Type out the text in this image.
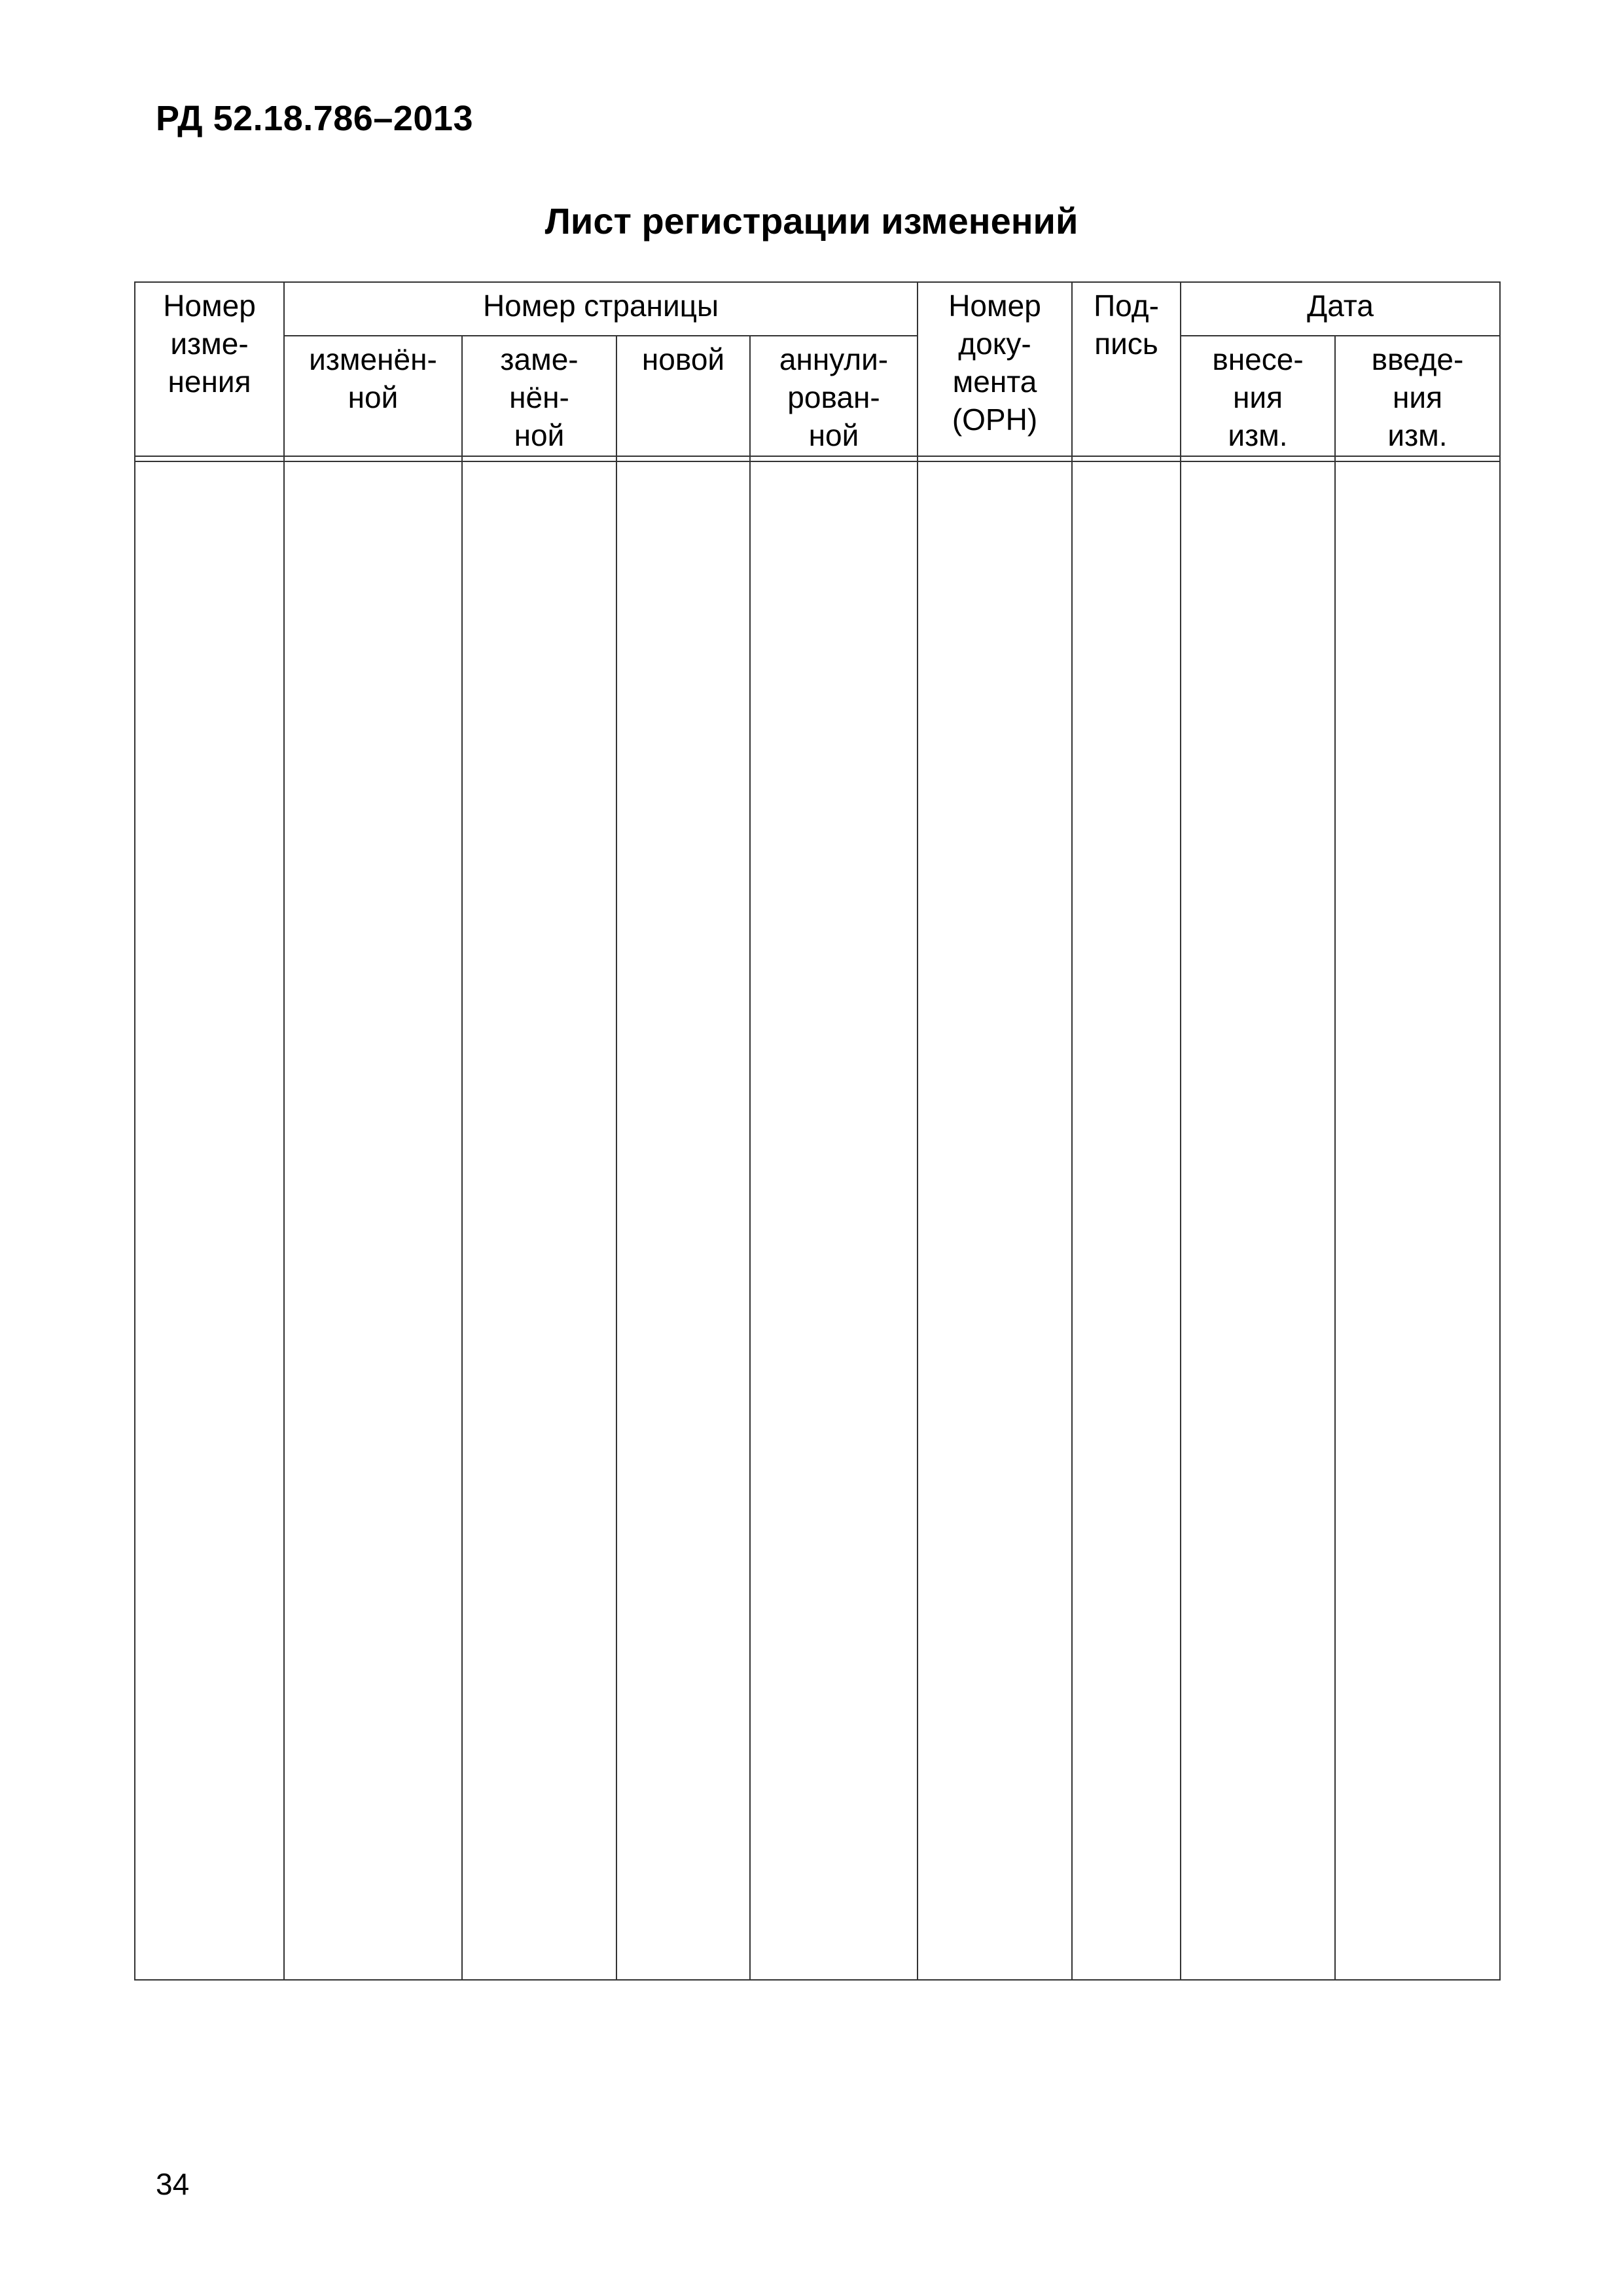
РД 52.18.786–2013
Лист регистрации изменений
Номер
изме-
нения	Номер страницы				Номер
доку-
мента
(ОРН)	Под-
пись	Дата	

	изменён-
ной	заме-
нён-
ной	новой	аннули-
рован-
ной			внесе-
ния
изм.	введе-
ния
изм.

34
